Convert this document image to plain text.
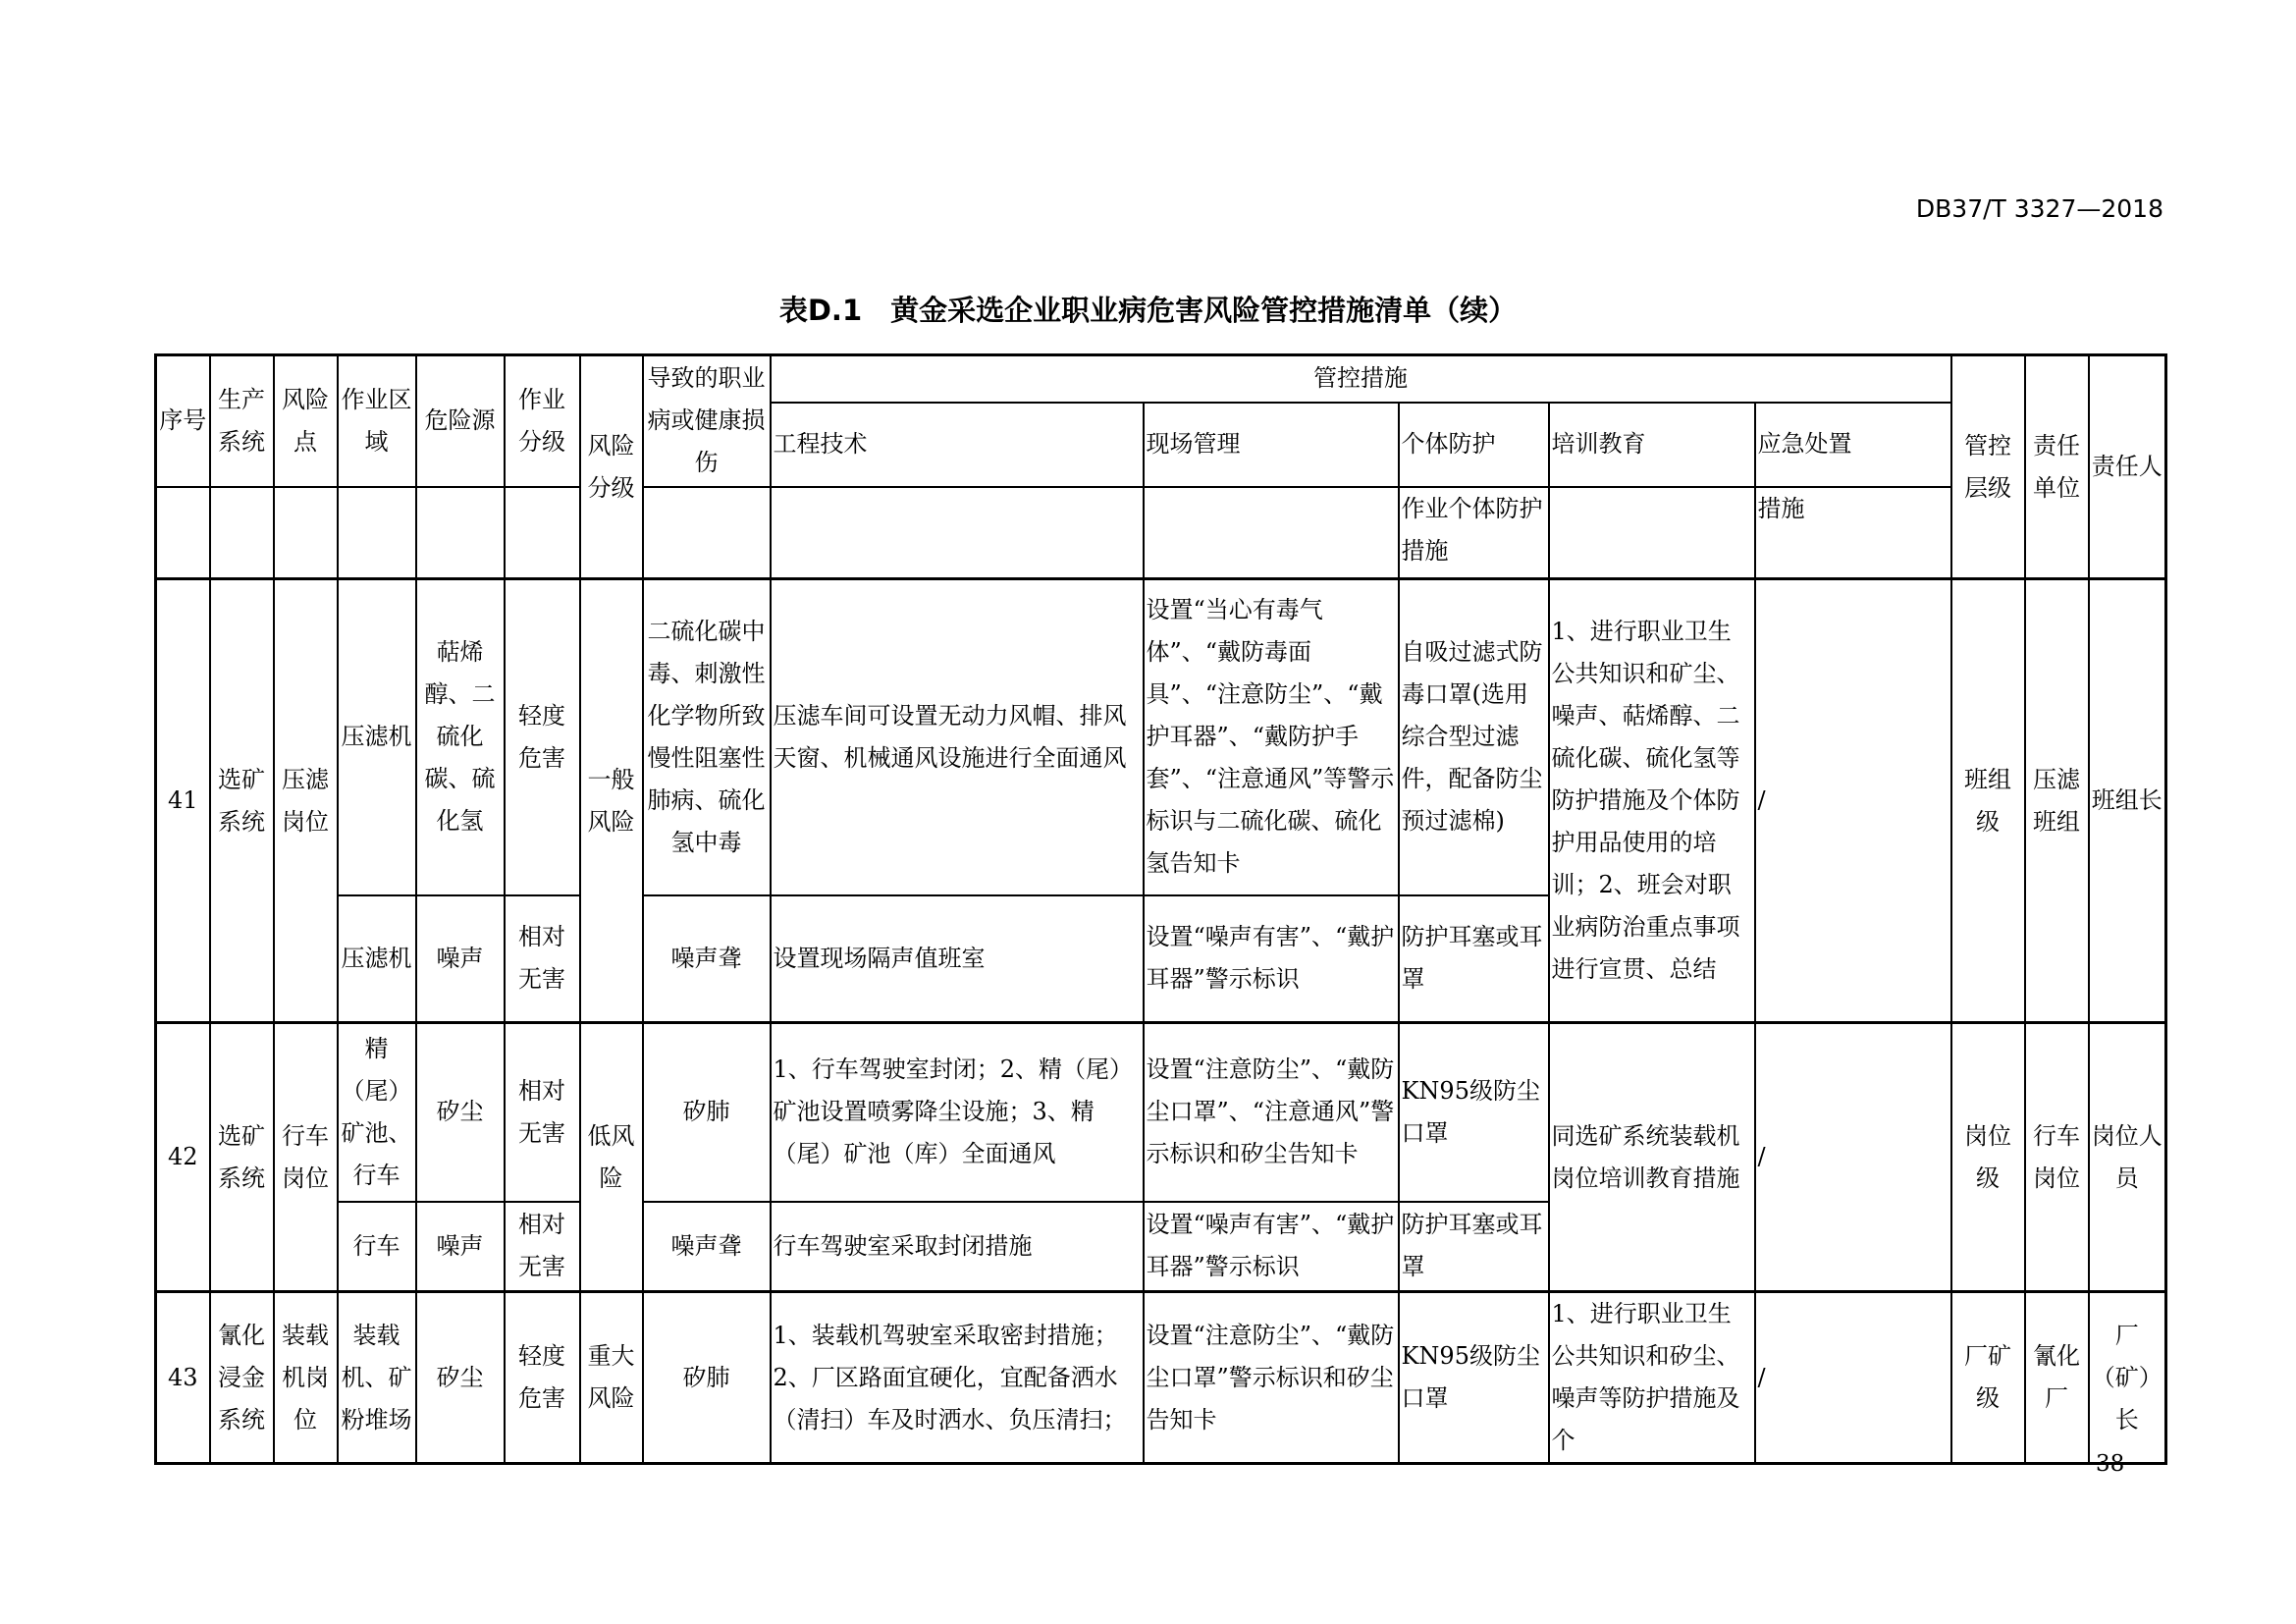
DB37/T 3327—2018
表D.1　黄金采选企业职业病危害风险管控措施清单（续）
序号	生产系统	风险点	作业区域	危险源	作业分级	风险分级	导致的职业病或健康损伤	管控措施					管控层级	责任单位	责任人
								工程技术	现场管理	个体防护	培训教育	应急处置			
										作业个体防护措施		措施			
41	选矿系统	压滤岗位	压滤机	萜烯醇、二硫化碳、硫化氢	轻度危害	一般风险	二硫化碳中毒、刺激性化学物所致慢性阻塞性肺病、硫化氢中毒	压滤车间可设置无动力风帽、排风天窗、机械通风设施进行全面通风	设置“当心有毒气体”、“戴防毒面具”、“注意防尘”、“戴护耳器”、“戴防护手套”、“注意通风”等警示标识与二硫化碳、硫化氢告知卡	自吸过滤式防毒口罩(选用综合型过滤件，配备防尘预过滤棉)	1、进行职业卫生公共知识和矿尘、噪声、萜烯醇、二硫化碳、硫化氢等防护措施及个体防护用品使用的培训；2、班会对职业病防治重点事项进行宣贯、总结	/	班组级	压滤班组	班组长
			压滤机	噪声	相对无害		噪声聋	设置现场隔声值班室	设置“噪声有害”、“戴护耳器”警示标识	防护耳塞或耳罩					
42	选矿系统	行车岗位	精（尾）矿池、行车	矽尘	相对无害	低风险	矽肺	1、行车驾驶室封闭；2、精（尾）矿池设置喷雾降尘设施；3、精（尾）矿池（库）全面通风	设置“注意防尘”、“戴防尘口罩”、“注意通风”警示标识和矽尘告知卡	KN95级防尘口罩	同选矿系统装载机岗位培训教育措施	/	岗位级	行车岗位	岗位人员
			行车	噪声	相对无害		噪声聋	行车驾驶室采取封闭措施	设置“噪声有害”、“戴护耳器”警示标识	防护耳塞或耳罩					
43	氰化浸金系统	装载机岗位	装载机、矿粉堆场	矽尘	轻度危害	重大风险	矽肺	1、装载机驾驶室采取密封措施；2、厂区路面宜硬化，宜配备洒水（清扫）车及时洒水、负压清扫；	设置“注意防尘”、“戴防尘口罩”警示标识和矽尘告知卡	KN95级防尘口罩	1、进行职业卫生公共知识和矽尘、噪声等防护措施及个	/	厂矿级	氰化厂	厂（矿）长
38
